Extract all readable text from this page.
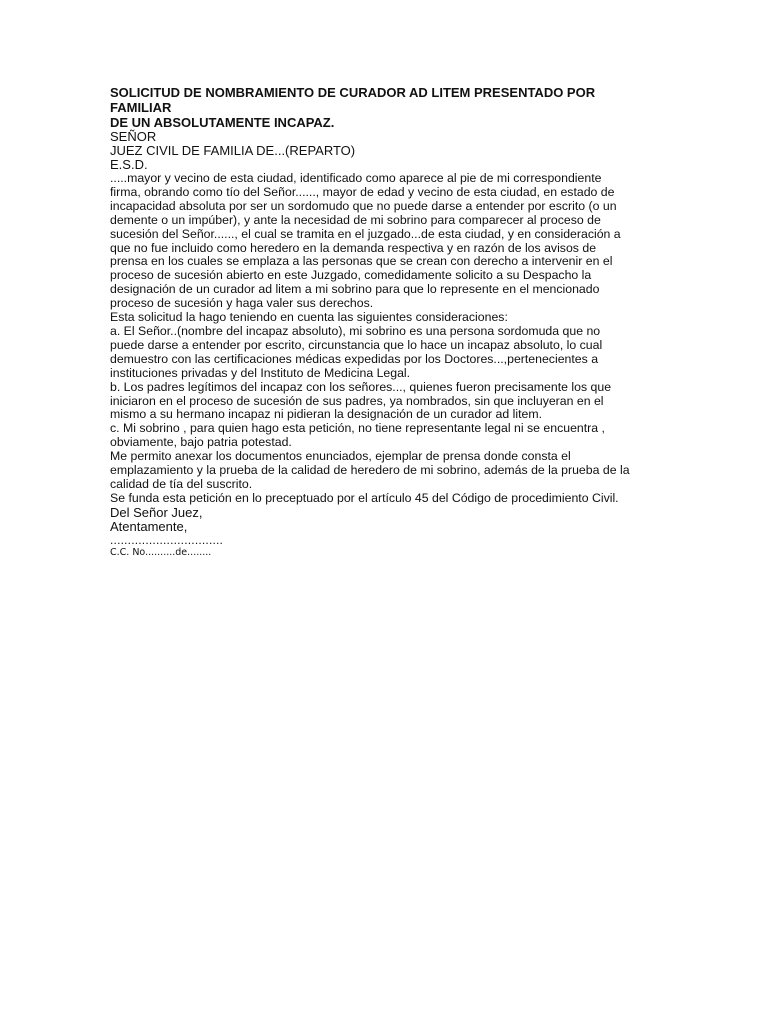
SOLICITUD DE NOMBRAMIENTO DE CURADOR AD LITEM PRESENTADO POR FAMILIAR

DE UN ABSOLUTAMENTE INCAPAZ.

SEÑOR

JUEZ CIVIL DE FAMILIA DE...(REPARTO)

E.S.D.

.....mayor y vecino de esta ciudad, identificado como aparece al pie de mi correspondiente

firma, obrando como tío del Señor......, mayor de edad y vecino de esta ciudad, en estado de

incapacidad absoluta por ser un sordomudo que no puede darse a entender por escrito (o un

demente o un impúber), y ante la necesidad de mi sobrino para comparecer al proceso de

sucesión del Señor......, el cual se tramita en el juzgado...de esta ciudad, y en consideración a

que no fue incluido como heredero en la demanda respectiva y en razón de los avisos de

prensa en los cuales se emplaza a las personas que se crean con derecho a intervenir en el

proceso de sucesión abierto en este Juzgado, comedidamente solicito a su Despacho la

designación de un curador ad litem a mi sobrino para que lo represente en el mencionado

proceso de sucesión y haga valer sus derechos.

Esta solicitud la hago teniendo en cuenta las siguientes consideraciones:

a. El Señor..(nombre del incapaz absoluto), mi sobrino es una persona sordomuda que no

puede darse a entender por escrito, circunstancia que lo hace un incapaz absoluto, lo cual

demuestro con las certificaciones médicas expedidas por los Doctores...,pertenecientes a

instituciones privadas y del Instituto de Medicina Legal.

b. Los padres legítimos del incapaz con los señores..., quienes fueron precisamente los que

iniciaron en el proceso de sucesión de sus padres, ya nombrados, sin que incluyeran en el

mismo a su hermano incapaz ni pidieran la designación de un curador ad litem.

c. Mi sobrino , para quien hago esta petición, no tiene representante legal ni se encuentra ,

obviamente, bajo patria potestad.

Me permito anexar los documentos enunciados, ejemplar de prensa donde consta el

emplazamiento y la prueba de la calidad de heredero de mi sobrino, además de la prueba de la

calidad de tía del suscrito.

Se funda esta petición en lo preceptuado por el artículo 45 del Código de procedimiento Civil.

Del Señor Juez,

Atentamente,

................................

C.C. No..........de........
